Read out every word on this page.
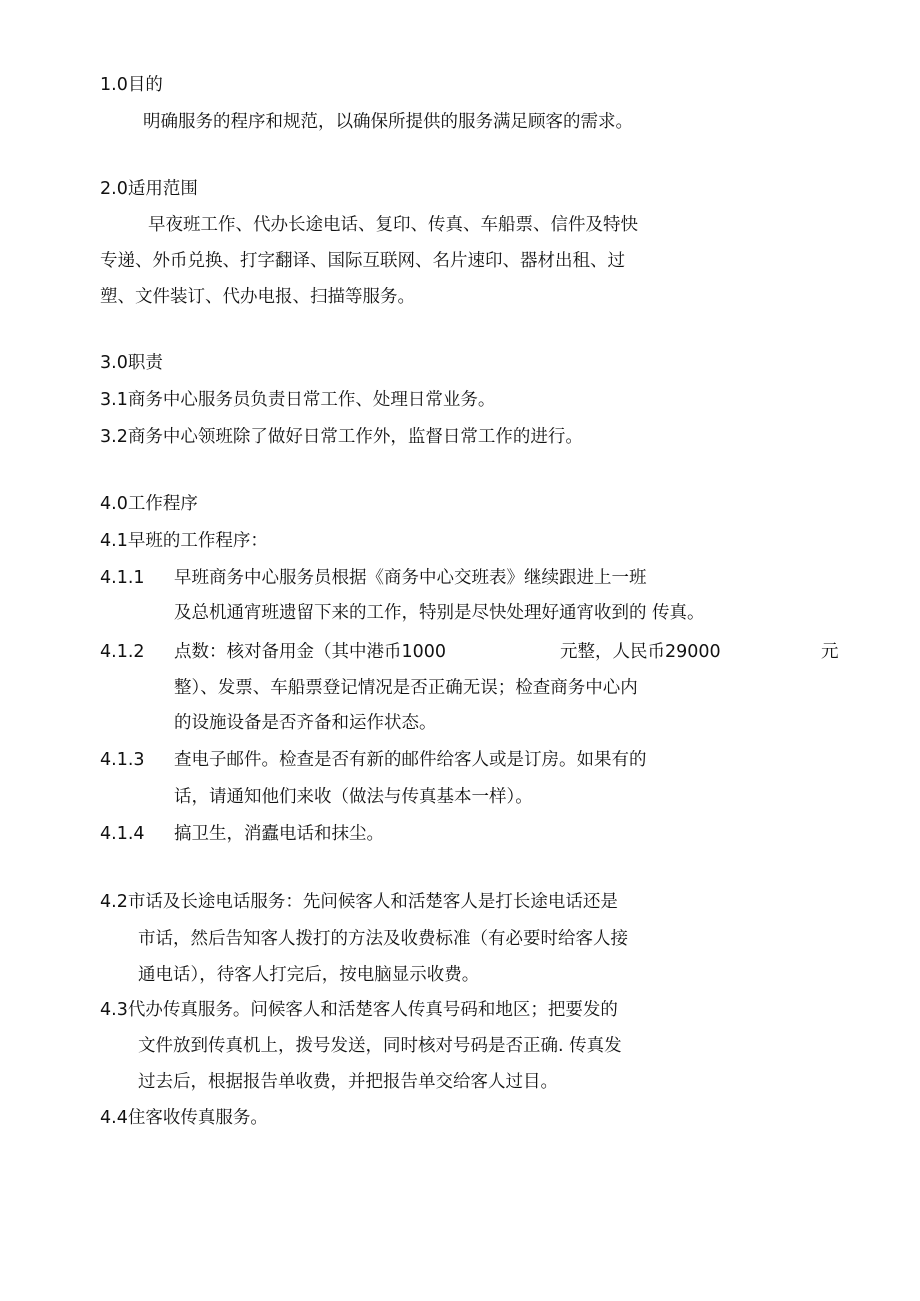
1.0目的
明确服务的程序和规范，以确保所提供的服务满足顾客的需求。
2.0适用范围
早夜班工作、代办长途电话、复印、传真、车船票、信件及特快
专递、外币兑换、打字翻译、国际互联网、名片速印、器材出租、过
塑、文件装订、代办电报、扫描等服务。
3.0职责
3.1商务中心服务员负责日常工作、处理日常业务。
3.2商务中心领班除了做好日常工作外，监督日常工作的进行。
4.0工作程序
4.1早班的工作程序：
4.1.1 早班商务中心服务员根据《商务中心交班表》继续跟进上一班
及总机通宵班遗留下来的工作，特别是尽快处理好通宵收到的 传真。
4.1.2 点数：核对备用金（其中港币1000	元整，人民币29000	元
整）、发票、车船票登记情况是否正确无误；检查商务中心内
的设施设备是否齐备和运作状态。
4.1.3 查电子邮件。检查是否有新的邮件给客人或是订房。如果有的
话，请通知他们来收（做法与传真基本一样）。
4.1.4 搞卫生，消蠹电话和抹尘。
4.2市话及长途电话服务：先问候客人和活楚客人是打长途电话还是
市话，然后告知客人拨打的方法及收费标准（有必要时给客人接
通电话），待客人打完后，按电脑显示收费。
4.3代办传真服务。问候客人和活楚客人传真号码和地区；把要发的
文件放到传真机上，拨号发送，同时核对号码是否正确. 传真发
过去后，根据报告单收费，并把报告单交给客人过目。
4.4住客收传真服务。
